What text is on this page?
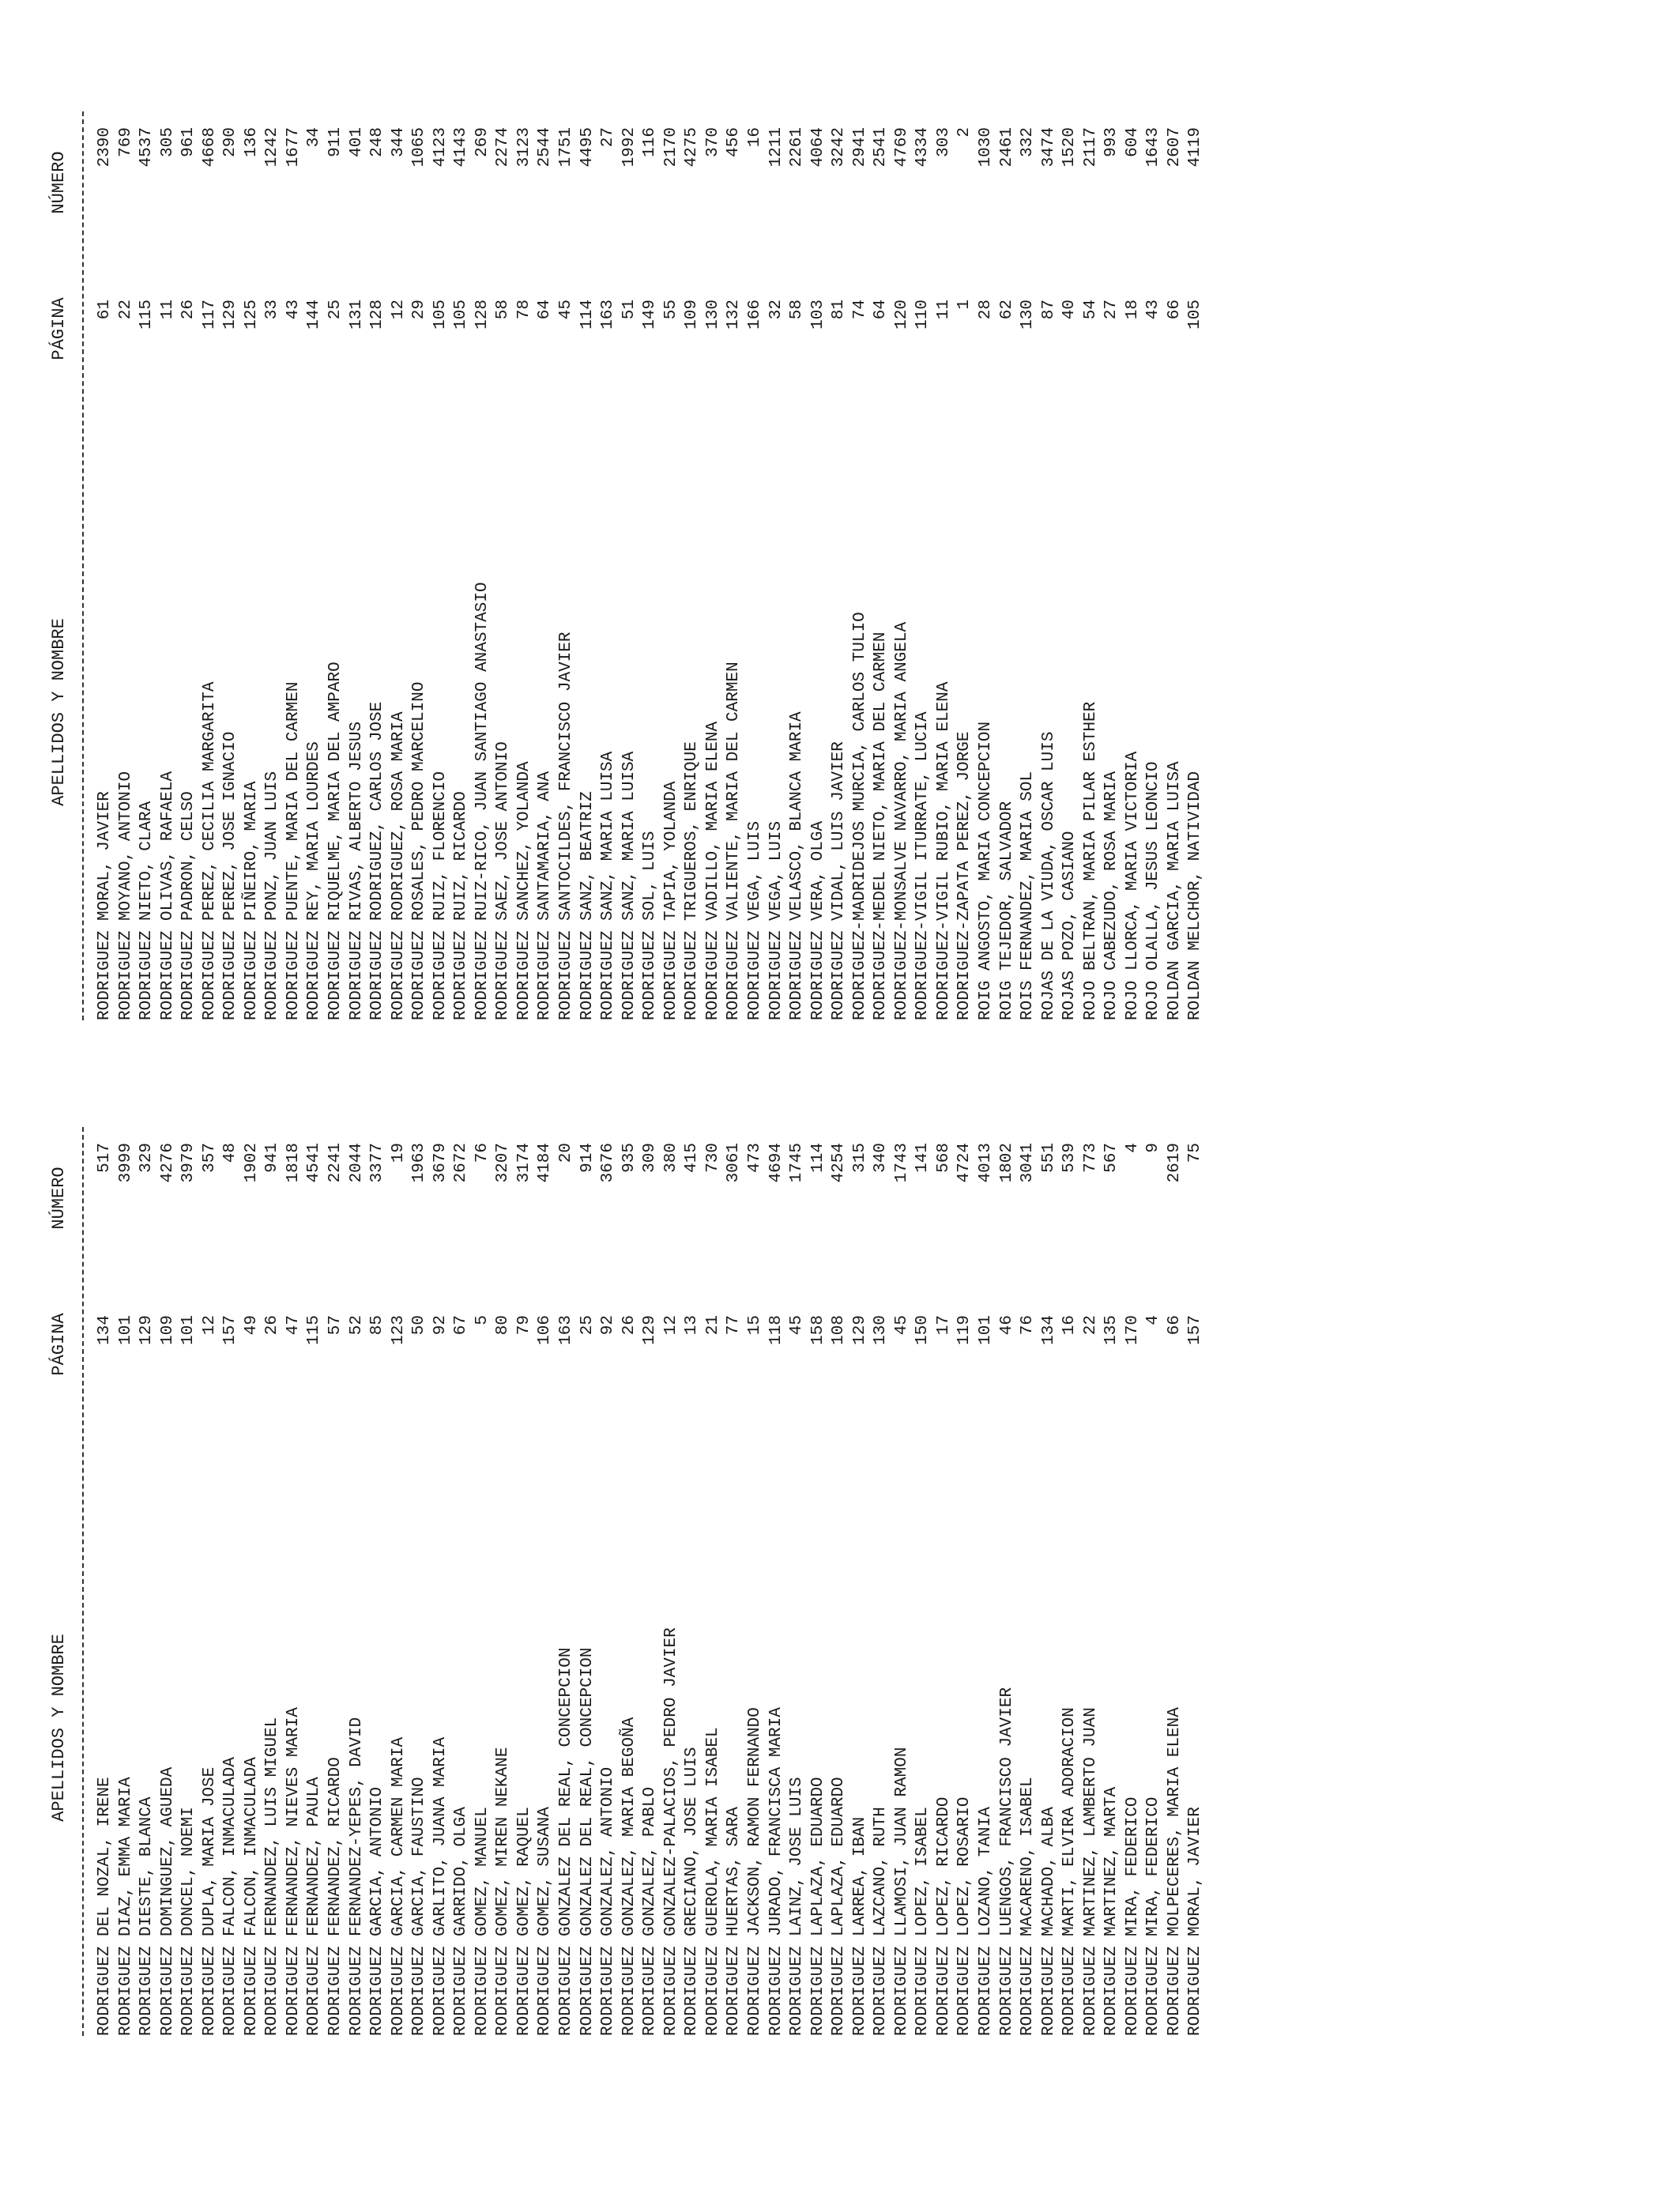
APELLIDOS Y NOMBRE
PÁGINA
NÚMERO
RODRIGUEZ DEL NOZAL, IRENE
134
517
RODRIGUEZ DIAZ, EMMA MARIA
101
3999
RODRIGUEZ DIESTE, BLANCA
129
329
RODRIGUEZ DOMINGUEZ, AGUEDA
109
4276
RODRIGUEZ DONCEL, NOEMI
101
3979
RODRIGUEZ DUPLA, MARIA JOSE
12
357
RODRIGUEZ FALCON, INMACULADA
157
48
RODRIGUEZ FALCON, INMACULADA
49
1902
RODRIGUEZ FERNANDEZ, LUIS MIGUEL
26
941
RODRIGUEZ FERNANDEZ, NIEVES MARIA
47
1818
RODRIGUEZ FERNANDEZ, PAULA
115
4541
RODRIGUEZ FERNANDEZ, RICARDO
57
2241
RODRIGUEZ FERNANDEZ-YEPES, DAVID
52
2044
RODRIGUEZ GARCIA, ANTONIO
85
3377
RODRIGUEZ GARCIA, CARMEN MARIA
123
19
RODRIGUEZ GARCIA, FAUSTINO
50
1963
RODRIGUEZ GARLITO, JUANA MARIA
92
3679
RODRIGUEZ GARRIDO, OLGA
67
2672
RODRIGUEZ GOMEZ, MANUEL
5
76
RODRIGUEZ GOMEZ, MIREN NEKANE
80
3207
RODRIGUEZ GOMEZ, RAQUEL
79
3174
RODRIGUEZ GOMEZ, SUSANA
106
4184
RODRIGUEZ GONZALEZ DEL REAL, CONCEPCION
163
20
RODRIGUEZ GONZALEZ DEL REAL, CONCEPCION
25
914
RODRIGUEZ GONZALEZ, ANTONIO
92
3676
RODRIGUEZ GONZALEZ, MARIA BEGOÑA
26
935
RODRIGUEZ GONZALEZ, PABLO
129
309
RODRIGUEZ GONZALEZ-PALACIOS, PEDRO JAVIER
12
380
RODRIGUEZ GRECIANO, JOSE LUIS
13
415
RODRIGUEZ GUEROLA, MARIA ISABEL
21
730
RODRIGUEZ HUERTAS, SARA
77
3061
RODRIGUEZ JACKSON, RAMON FERNANDO
15
473
RODRIGUEZ JURADO, FRANCISCA MARIA
118
4694
RODRIGUEZ LAINZ, JOSE LUIS
45
1745
RODRIGUEZ LAPLAZA, EDUARDO
158
114
RODRIGUEZ LAPLAZA, EDUARDO
108
4254
RODRIGUEZ LARREA, IBAN
129
315
RODRIGUEZ LAZCANO, RUTH
130
340
RODRIGUEZ LLAMOSI, JUAN RAMON
45
1743
RODRIGUEZ LOPEZ, ISABEL
150
141
RODRIGUEZ LOPEZ, RICARDO
17
568
RODRIGUEZ LOPEZ, ROSARIO
119
4724
RODRIGUEZ LOZANO, TANIA
101
4013
RODRIGUEZ LUENGOS, FRANCISCO JAVIER
46
1802
RODRIGUEZ MACARENO, ISABEL
76
3041
RODRIGUEZ MACHADO, ALBA
134
551
RODRIGUEZ MARTI, ELVIRA ADORACION
16
539
RODRIGUEZ MARTINEZ, LAMBERTO JUAN
22
773
RODRIGUEZ MARTINEZ, MARTA
135
567
RODRIGUEZ MIRA, FEDERICO
170
4
RODRIGUEZ MIRA, FEDERICO
4
9
RODRIGUEZ MOLPECERES, MARIA ELENA
66
2619
RODRIGUEZ MORAL, JAVIER
157
75
APELLIDOS Y NOMBRE
PÁGINA
NÚMERO
RODRIGUEZ MORAL, JAVIER
61
2390
RODRIGUEZ MOYANO, ANTONIO
22
769
RODRIGUEZ NIETO, CLARA
115
4537
RODRIGUEZ OLIVAS, RAFAELA
11
305
RODRIGUEZ PADRON, CELSO
26
961
RODRIGUEZ PEREZ, CECILIA MARGARITA
117
4668
RODRIGUEZ PEREZ, JOSE IGNACIO
129
290
RODRIGUEZ PIÑEIRO, MARIA
125
136
RODRIGUEZ PONZ, JUAN LUIS
33
1242
RODRIGUEZ PUENTE, MARIA DEL CARMEN
43
1677
RODRIGUEZ REY, MARIA LOURDES
144
34
RODRIGUEZ RIQUELME, MARIA DEL AMPARO
25
911
RODRIGUEZ RIVAS, ALBERTO JESUS
131
401
RODRIGUEZ RODRIGUEZ, CARLOS JOSE
128
248
RODRIGUEZ RODRIGUEZ, ROSA MARIA
12
344
RODRIGUEZ ROSALES, PEDRO MARCELINO
29
1065
RODRIGUEZ RUIZ, FLORENCIO
105
4123
RODRIGUEZ RUIZ, RICARDO
105
4143
RODRIGUEZ RUIZ-RICO, JUAN SANTIAGO ANASTASIO
128
269
RODRIGUEZ SAEZ, JOSE ANTONIO
58
2274
RODRIGUEZ SANCHEZ, YOLANDA
78
3123
RODRIGUEZ SANTAMARIA, ANA
64
2544
RODRIGUEZ SANTOCILDES, FRANCISCO JAVIER
45
1751
RODRIGUEZ SANZ, BEATRIZ
114
4495
RODRIGUEZ SANZ, MARIA LUISA
163
27
RODRIGUEZ SANZ, MARIA LUISA
51
1992
RODRIGUEZ SOL, LUIS
149
116
RODRIGUEZ TAPIA, YOLANDA
55
2170
RODRIGUEZ TRIGUEROS, ENRIQUE
109
4275
RODRIGUEZ VADILLO, MARIA ELENA
130
370
RODRIGUEZ VALIENTE, MARIA DEL CARMEN
132
456
RODRIGUEZ VEGA, LUIS
166
16
RODRIGUEZ VEGA, LUIS
32
1211
RODRIGUEZ VELASCO, BLANCA MARIA
58
2261
RODRIGUEZ VERA, OLGA
103
4064
RODRIGUEZ VIDAL, LUIS JAVIER
81
3242
RODRIGUEZ-MADRIDEJOS MURCIA, CARLOS TULIO
74
2941
RODRIGUEZ-MEDEL NIETO, MARIA DEL CARMEN
64
2541
RODRIGUEZ-MONSALVE NAVARRO, MARIA ANGELA
120
4769
RODRIGUEZ-VIGIL ITURRATE, LUCIA
110
4334
RODRIGUEZ-VIGIL RUBIO, MARIA ELENA
11
303
RODRIGUEZ-ZAPATA PEREZ, JORGE
1
2
ROIG ANGOSTO, MARIA CONCEPCION
28
1030
ROIG TEJEDOR, SALVADOR
62
2461
ROIS FERNANDEZ, MARIA SOL
130
332
ROJAS DE LA VIUDA, OSCAR LUIS
87
3474
ROJAS POZO, CASIANO
40
1520
ROJO BELTRAN, MARIA PILAR ESTHER
54
2117
ROJO CABEZUDO, ROSA MARIA
27
993
ROJO LLORCA, MARIA VICTORIA
18
604
ROJO OLALLA, JESUS LEONCIO
43
1643
ROLDAN GARCIA, MARIA LUISA
66
2607
ROLDAN MELCHOR, NATIVIDAD
105
4119
